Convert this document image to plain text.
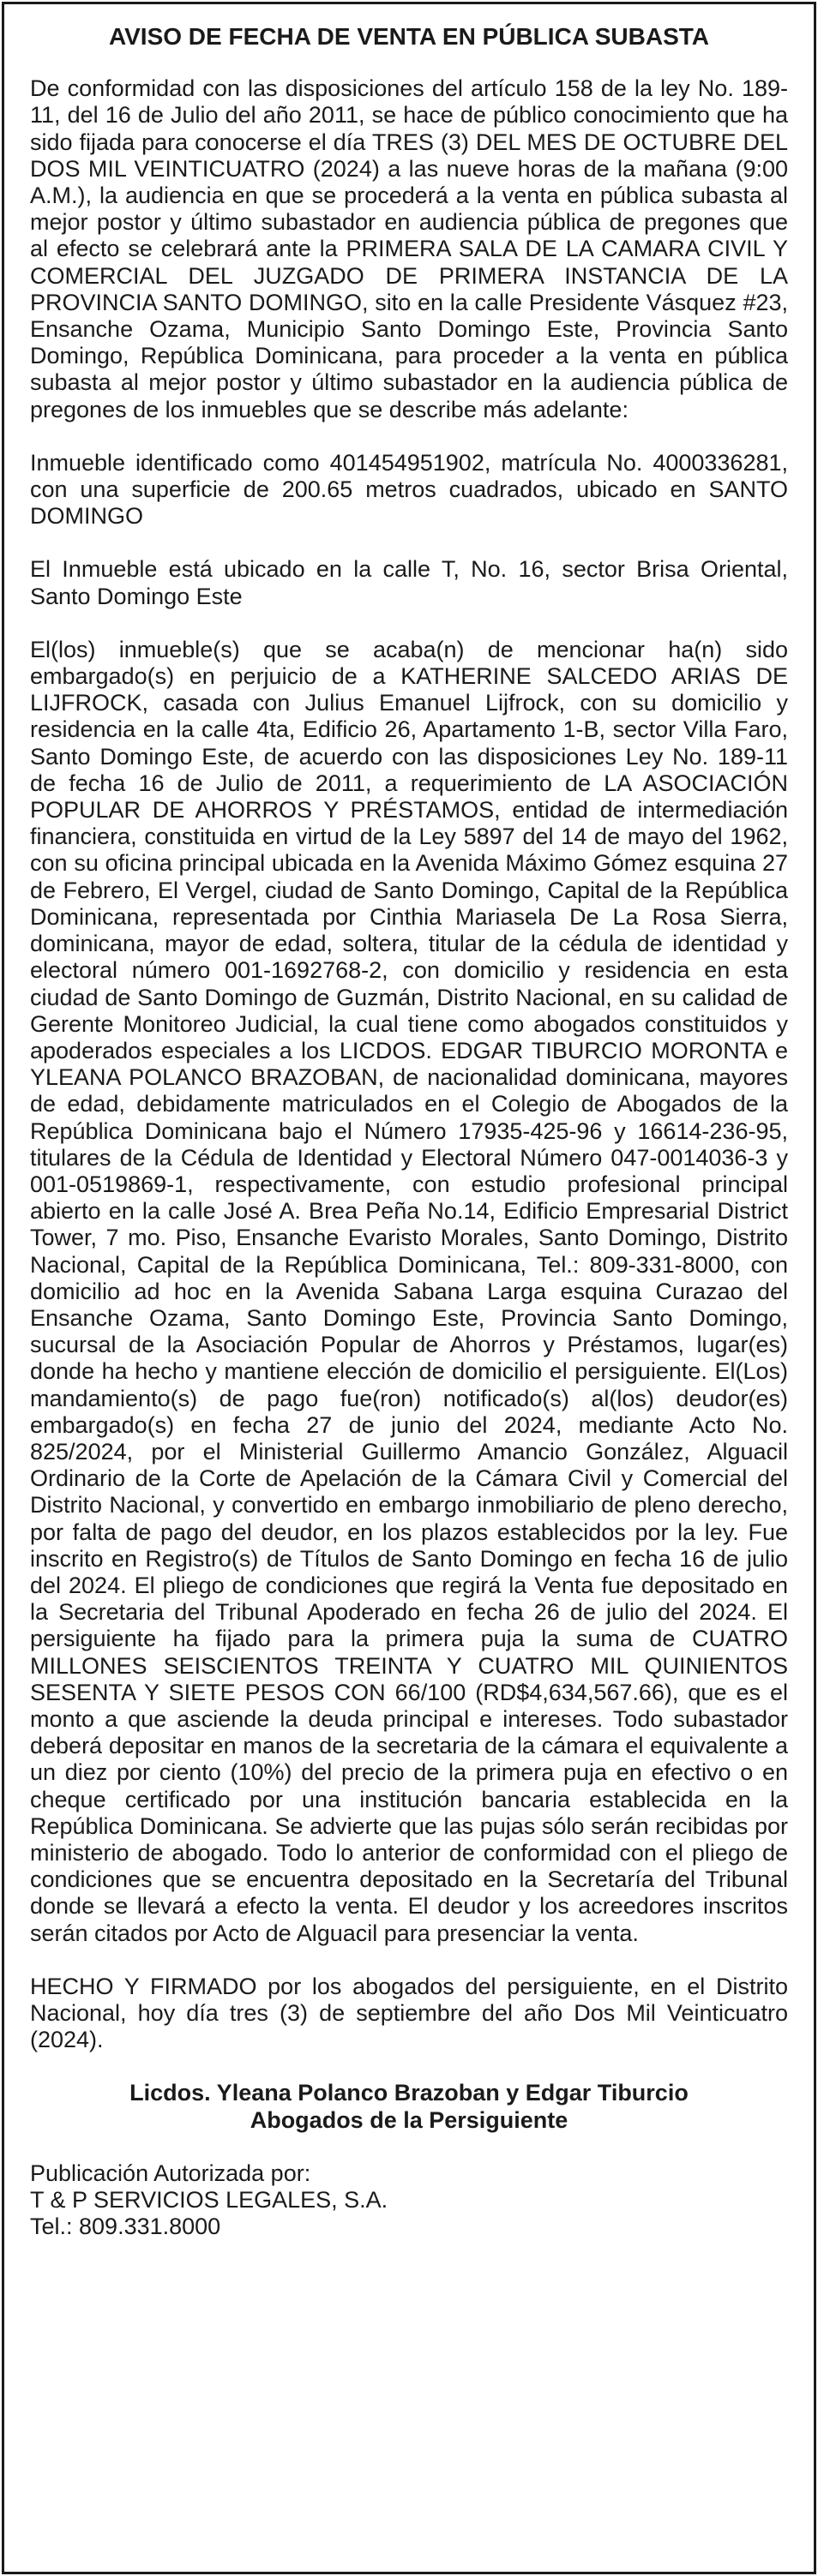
AVISO DE FECHA DE VENTA EN PÚBLICA SUBASTA

De conformidad con las disposiciones del artículo 158 de la ley No. 189-11, del 16 de Julio del año 2011, se hace de público conocimiento que ha sido fijada para conocerse el día TRES (3) DEL MES DE OCTUBRE DEL DOS MIL VEINTICUATRO (2024) a las nueve horas de la mañana (9:00 A.M.), la audiencia en que se procederá a la venta en pública subasta al mejor postor y último subastador en audiencia pública de pregones que al efecto se celebrará ante la PRIMERA SALA DE LA CAMARA CIVIL Y COMERCIAL DEL JUZGADO DE PRIMERA INSTANCIA DE LA PROVINCIA SANTO DOMINGO, sito en la calle Presidente Vásquez #23, Ensanche Ozama, Municipio Santo Domingo Este, Provincia Santo Domingo, República Dominicana, para proceder a la venta en pública subasta al mejor postor y último subastador en la audiencia pública de pregones de los inmuebles que se describe más adelante:

Inmueble identificado como 401454951902, matrícula No. 4000336281, con una superficie de 200.65 metros cuadrados, ubicado en SANTO DOMINGO

El Inmueble está ubicado en la calle T, No. 16, sector Brisa Oriental, Santo Domingo Este

El(los) inmueble(s) que se acaba(n) de mencionar ha(n) sido embargado(s) en perjuicio de a KATHERINE SALCEDO ARIAS DE LIJFROCK, casada con Julius Emanuel Lijfrock, con su domicilio y residencia en la calle 4ta, Edificio 26, Apartamento 1-B, sector Villa Faro, Santo Domingo Este, de acuerdo con las disposiciones Ley No. 189-11 de fecha 16 de Julio de 2011, a requerimiento de LA ASOCIACIÓN POPULAR DE AHORROS Y PRÉSTAMOS, entidad de intermediación financiera, constituida en virtud de la Ley 5897 del 14 de mayo del 1962, con su oficina principal ubicada en la Avenida Máximo Gómez esquina 27 de Febrero, El Vergel, ciudad de Santo Domingo, Capital de la República Dominicana, representada por Cinthia Mariasela De La Rosa Sierra, dominicana, mayor de edad, soltera, titular de la cédula de identidad y electoral número 001-1692768-2, con domicilio y residencia en esta ciudad de Santo Domingo de Guzmán, Distrito Nacional, en su calidad de Gerente Monitoreo Judicial, la cual tiene como abogados constituidos y apoderados especiales a los LICDOS. EDGAR TIBURCIO MORONTA e YLEANA POLANCO BRAZOBAN, de nacionalidad dominicana, mayores de edad, debidamente matriculados en el Colegio de Abogados de la República Dominicana bajo el Número 17935-425-96 y 16614-236-95, titulares de la Cédula de Identidad y Electoral Número 047-0014036-3 y 001-0519869-1, respectivamente, con estudio profesional principal abierto en la calle José A. Brea Peña No.14, Edificio Empresarial District Tower, 7 mo. Piso, Ensanche Evaristo Morales, Santo Domingo, Distrito Nacional, Capital de la República Dominicana, Tel.: 809-331-8000, con domicilio ad hoc en la Avenida Sabana Larga esquina Curazao del Ensanche Ozama, Santo Domingo Este, Provincia Santo Domingo, sucursal de la Asociación Popular de Ahorros y Préstamos, lugar(es) donde ha hecho y mantiene elección de domicilio el persiguiente. El(Los) mandamiento(s) de pago fue(ron) notificado(s) al(los) deudor(es) embargado(s) en fecha 27 de junio del 2024, mediante Acto No. 825/2024, por el Ministerial Guillermo Amancio González, Alguacil Ordinario de la Corte de Apelación de la Cámara Civil y Comercial del Distrito Nacional, y convertido en embargo inmobiliario de pleno derecho, por falta de pago del deudor, en los plazos establecidos por la ley. Fue inscrito en Registro(s) de Títulos de Santo Domingo en fecha 16 de julio del 2024. El pliego de condiciones que regirá la Venta fue depositado en la Secretaria del Tribunal Apoderado en fecha 26 de julio del 2024. El persiguiente ha fijado para la primera puja la suma de CUATRO MILLONES SEISCIENTOS TREINTA Y CUATRO MIL QUINIENTOS SESENTA Y SIETE PESOS CON 66/100 (RD$4,634,567.66), que es el monto a que asciende la deuda principal e intereses. Todo subastador deberá depositar en manos de la secretaria de la cámara el equivalente a un diez por ciento (10%) del precio de la primera puja en efectivo o en cheque certificado por una institución bancaria establecida en la República Dominicana. Se advierte que las pujas sólo serán recibidas por ministerio de abogado. Todo lo anterior de conformidad con el pliego de condiciones que se encuentra depositado en la Secretaría del Tribunal donde se llevará a efecto la venta. El deudor y los acreedores inscritos serán citados por Acto de Alguacil para presenciar la venta.

HECHO Y FIRMADO por los abogados del persiguiente, en el Distrito Nacional, hoy día tres (3) de septiembre del año Dos Mil Veinticuatro (2024).

Licdos. Yleana Polanco Brazoban y Edgar Tiburcio
Abogados de la Persiguiente
Publicación Autorizada por:
T & P SERVICIOS LEGALES, S.A.
Tel.: 809.331.8000
